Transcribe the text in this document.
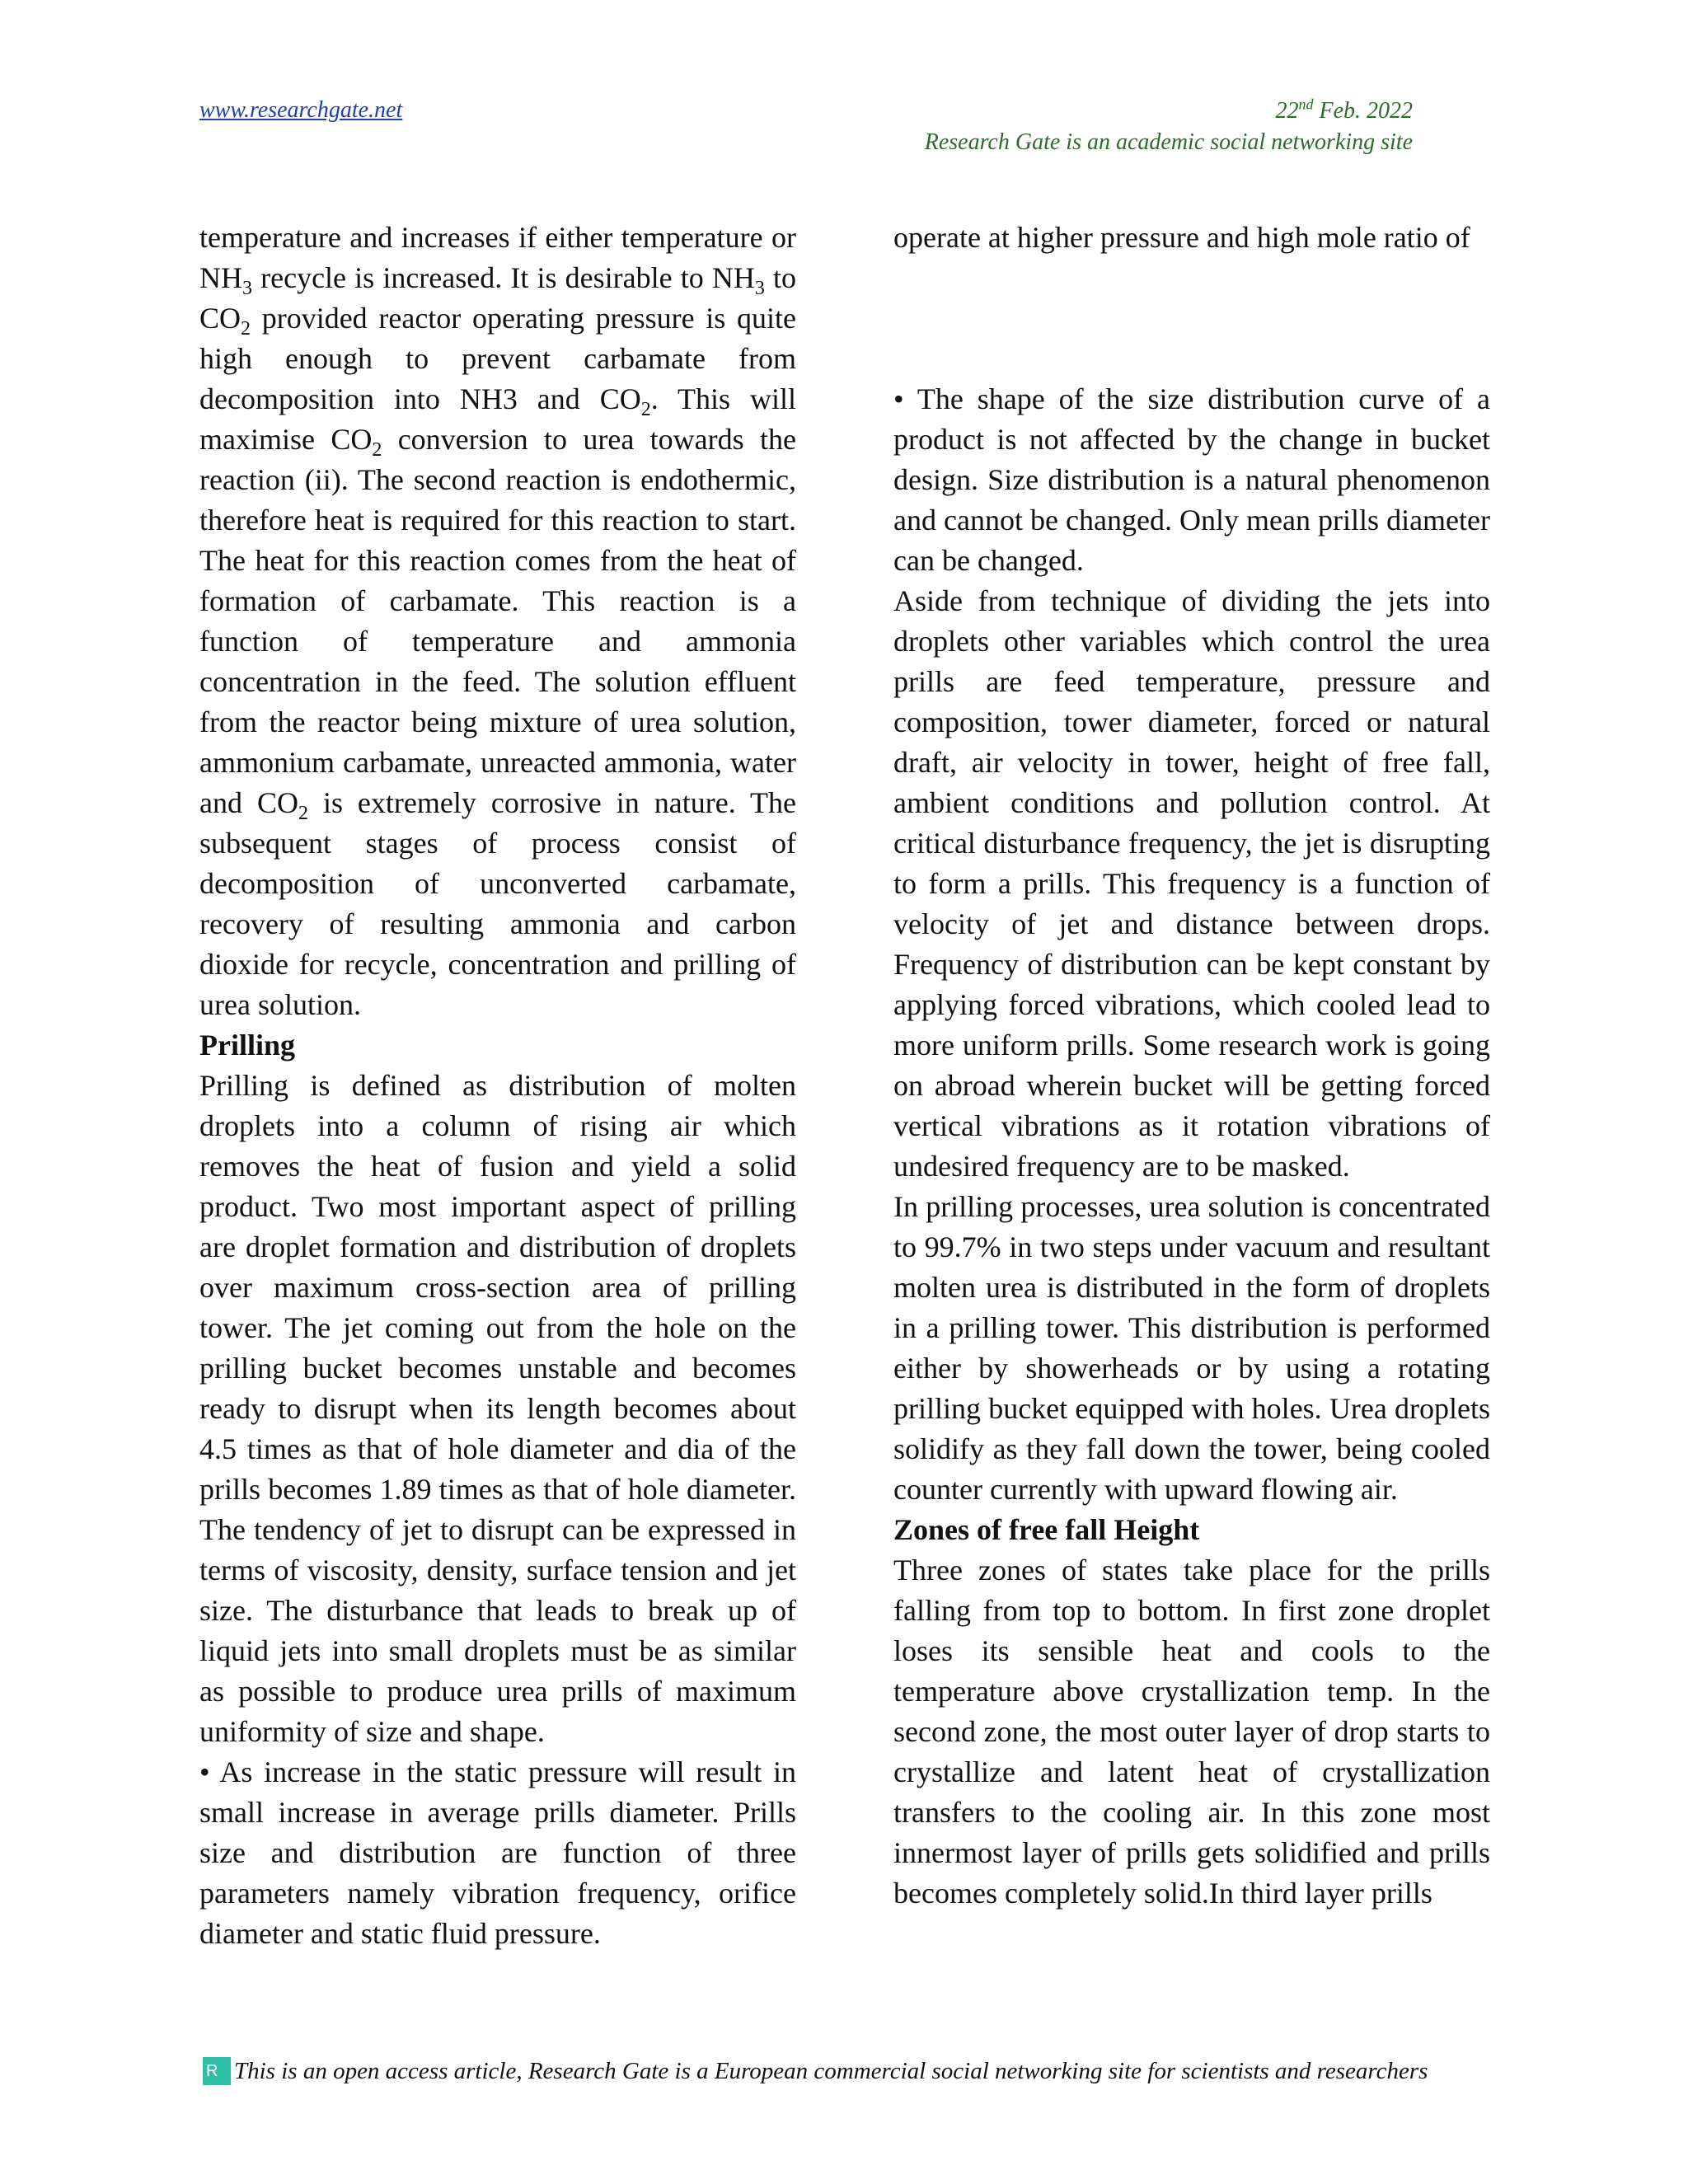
www.researchgate.net	22nd Feb. 2022
Research Gate is an academic social networking site

temperature and increases if either temperature or $NH_3$ recycle is increased. It is desirable to $NH_3$ to $CO_2$ provided reactor operating pressure is quite high enough to prevent carbamate from decomposition into NH3 and $CO_2$. This will maximise $CO_2$ conversion to urea towards the reaction (ii). The second reaction is endothermic, therefore heat is required for this reaction to start. The heat for this reaction comes from the heat of formation of carbamate. This reaction is a function of temperature and ammonia concentration in the feed. The solution effluent from the reactor being mixture of urea solution, ammonium carbamate, unreacted ammonia, water and $CO_2$ is extremely corrosive in nature. The subsequent stages of process consist of decomposition of unconverted carbamate, recovery of resulting ammonia and carbon dioxide for recycle, concentration and prilling of urea solution.

Prilling

Prilling is defined as distribution of molten droplets into a column of rising air which removes the heat of fusion and yield a solid product. Two most important aspect of prilling are droplet formation and distribution of droplets over maximum cross-section area of prilling tower. The jet coming out from the hole on the prilling bucket becomes unstable and becomes ready to disrupt when its length becomes about 4.5 times as that of hole diameter and dia of the prills becomes 1.89 times as that of hole diameter. The tendency of jet to disrupt can be expressed in terms of viscosity, density, surface tension and jet size. The disturbance that leads to break up of liquid jets into small droplets must be as similar as possible to produce urea prills of maximum uniformity of size and shape.

• As increase in the static pressure will result in small increase in average prills diameter. Prills size and distribution are function of three parameters namely vibration frequency, orifice diameter and static fluid pressure.

operate at higher pressure and high mole ratio of

• The shape of the size distribution curve of a product is not affected by the change in bucket design. Size distribution is a natural phenomenon and cannot be changed. Only mean prills diameter can be changed.

Aside from technique of dividing the jets into droplets other variables which control the urea prills are feed temperature, pressure and composition, tower diameter, forced or natural draft, air velocity in tower, height of free fall, ambient conditions and pollution control. At critical disturbance frequency, the jet is disrupting to form a prills. This frequency is a function of velocity of jet and distance between drops. Frequency of distribution can be kept constant by applying forced vibrations, which cooled lead to more uniform prills. Some research work is going on abroad wherein bucket will be getting forced vertical vibrations as it rotation vibrations of undesired frequency are to be masked.

In prilling processes, urea solution is concentrated to 99.7% in two steps under vacuum and resultant molten urea is distributed in the form of droplets in a prilling tower. This distribution is performed either by showerheads or by using a rotating prilling bucket equipped with holes. Urea droplets solidify as they fall down the tower, being cooled counter currently with upward flowing air.

Zones of free fall Height

Three zones of states take place for the prills falling from top to bottom. In first zone droplet loses its sensible heat and cools to the temperature above crystallization temp. In the second zone, the most outer layer of drop starts to crystallize and latent heat of crystallization transfers to the cooling air. In this zone most innermost layer of prills gets solidified and prills becomes completely solid.In third layer prills

R This is an open access article, Research Gate is a European commercial social networking site for scientists and researchers
